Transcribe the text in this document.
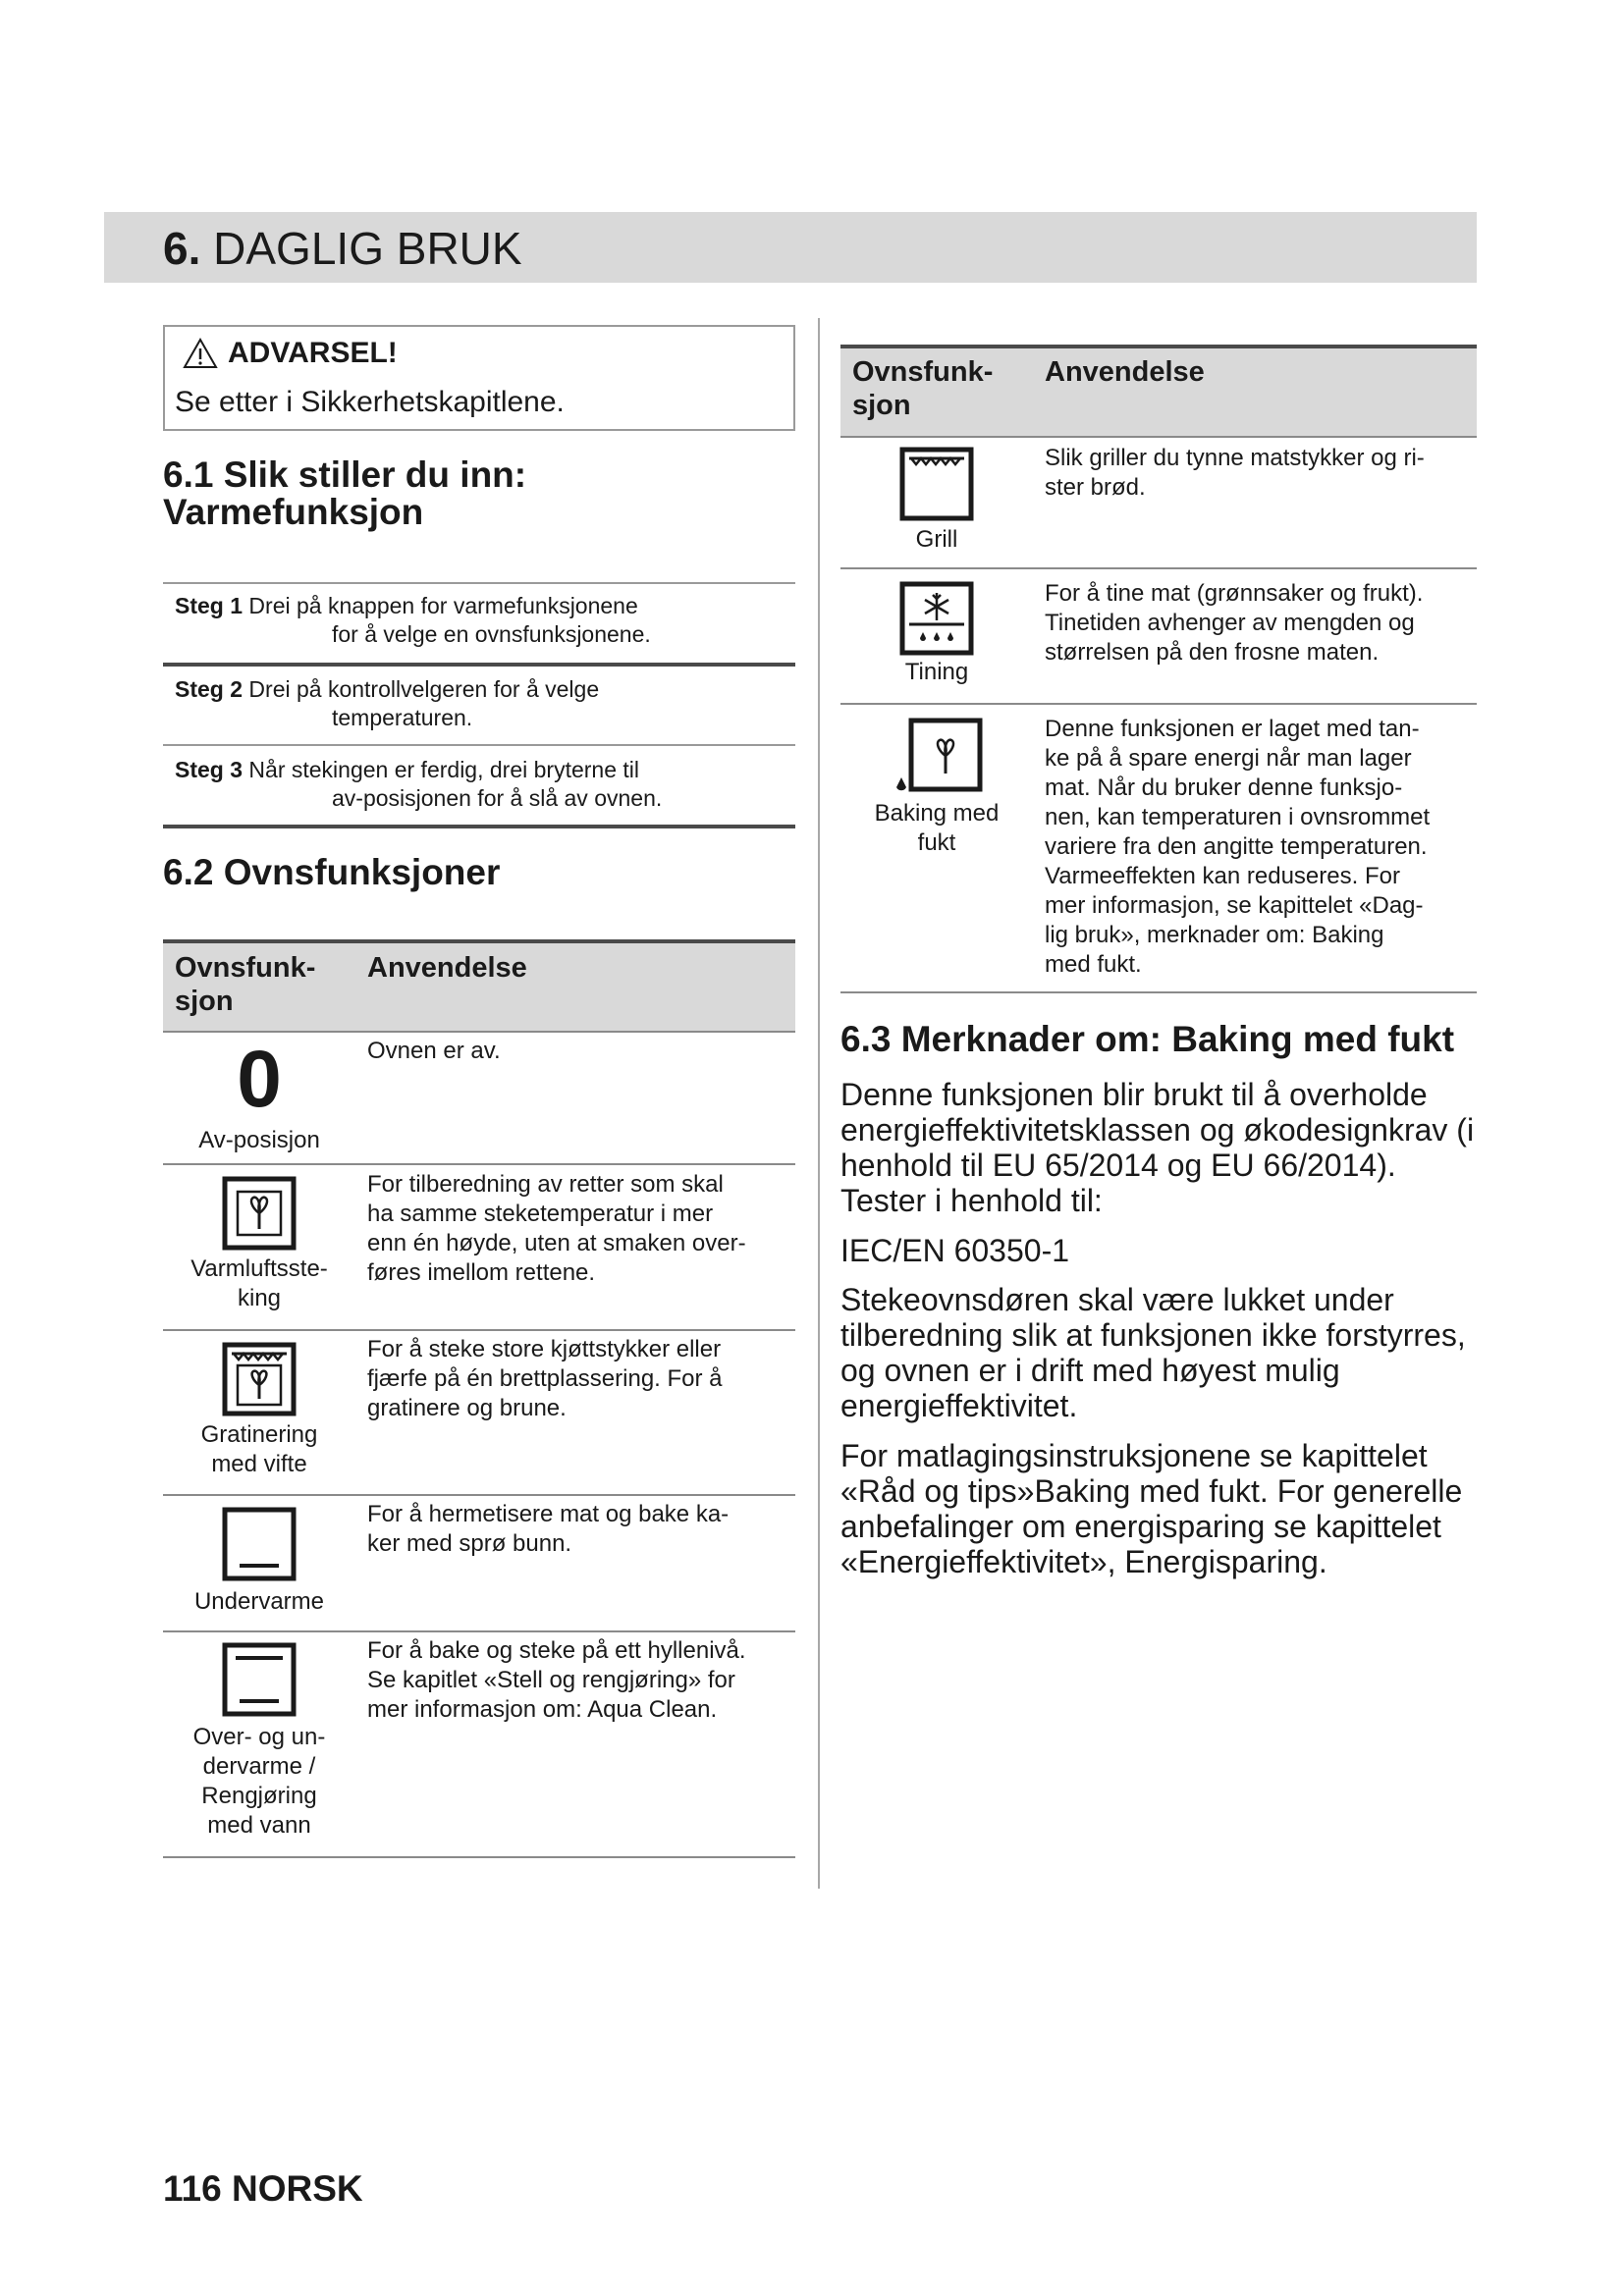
6. DAGLIG BRUK
ADVARSEL!
Se etter i Sikkerhetskapitlene.
6.1 Slik stiller du inn:
Varmefunksjon
Steg 1 Drei på knappen for varmefunksjonene
for å velge en ovnsfunksjonene.
Steg 2 Drei på kontrollvelgeren for å velge
temperaturen.
Steg 3 Når stekingen er ferdig, drei bryterne til
av-posisjonen for å slå av ovnen.
6.2 Ovnsfunksjoner
Ovnsfunk-
sjon
Anvendelse
0
Av-posisjon
Ovnen er av.
Varmluftsste-
king
For tilberedning av retter som skal
ha samme steketemperatur i mer
enn én høyde, uten at smaken over-
føres imellom rettene.
Gratinering
med vifte
For å steke store kjøttstykker eller
fjærfe på én brettplassering. For å
gratinere og brune.
Undervarme
For å hermetisere mat og bake ka-
ker med sprø bunn.
Over- og un-
dervarme /
Rengjøring
med vann
For å bake og steke på ett hyllenivå.
Se kapitlet «Stell og rengjøring» for
mer informasjon om: Aqua Clean.
Ovnsfunk-
sjon
Anvendelse
Grill
Slik griller du tynne matstykker og ri-
ster brød.
Tining
For å tine mat (grønnsaker og frukt).
Tinetiden avhenger av mengden og
størrelsen på den frosne maten.
Baking med
fukt
Denne funksjonen er laget med tan-
ke på å spare energi når man lager
mat. Når du bruker denne funksjo-
nen, kan temperaturen i ovnsrommet
variere fra den angitte temperaturen.
Varmeeffekten kan reduseres. For
mer informasjon, se kapittelet «Dag-
lig bruk», merknader om: Baking
med fukt.
6.3 Merknader om: Baking med fukt
Denne funksjonen blir brukt til å overholde
energieffektivitetsklassen og økodesignkrav (i
henhold til EU 65/2014 og EU 66/2014).
Tester i henhold til:
IEC/EN 60350-1
Stekeovnsdøren skal være lukket under
tilberedning slik at funksjonen ikke forstyrres,
og ovnen er i drift med høyest mulig
energieffektivitet.
For matlagingsinstruksjonene se kapittelet
«Råd og tips»Baking med fukt. For generelle
anbefalinger om energisparing se kapittelet
«Energieffektivitet», Energisparing.
116 NORSK
